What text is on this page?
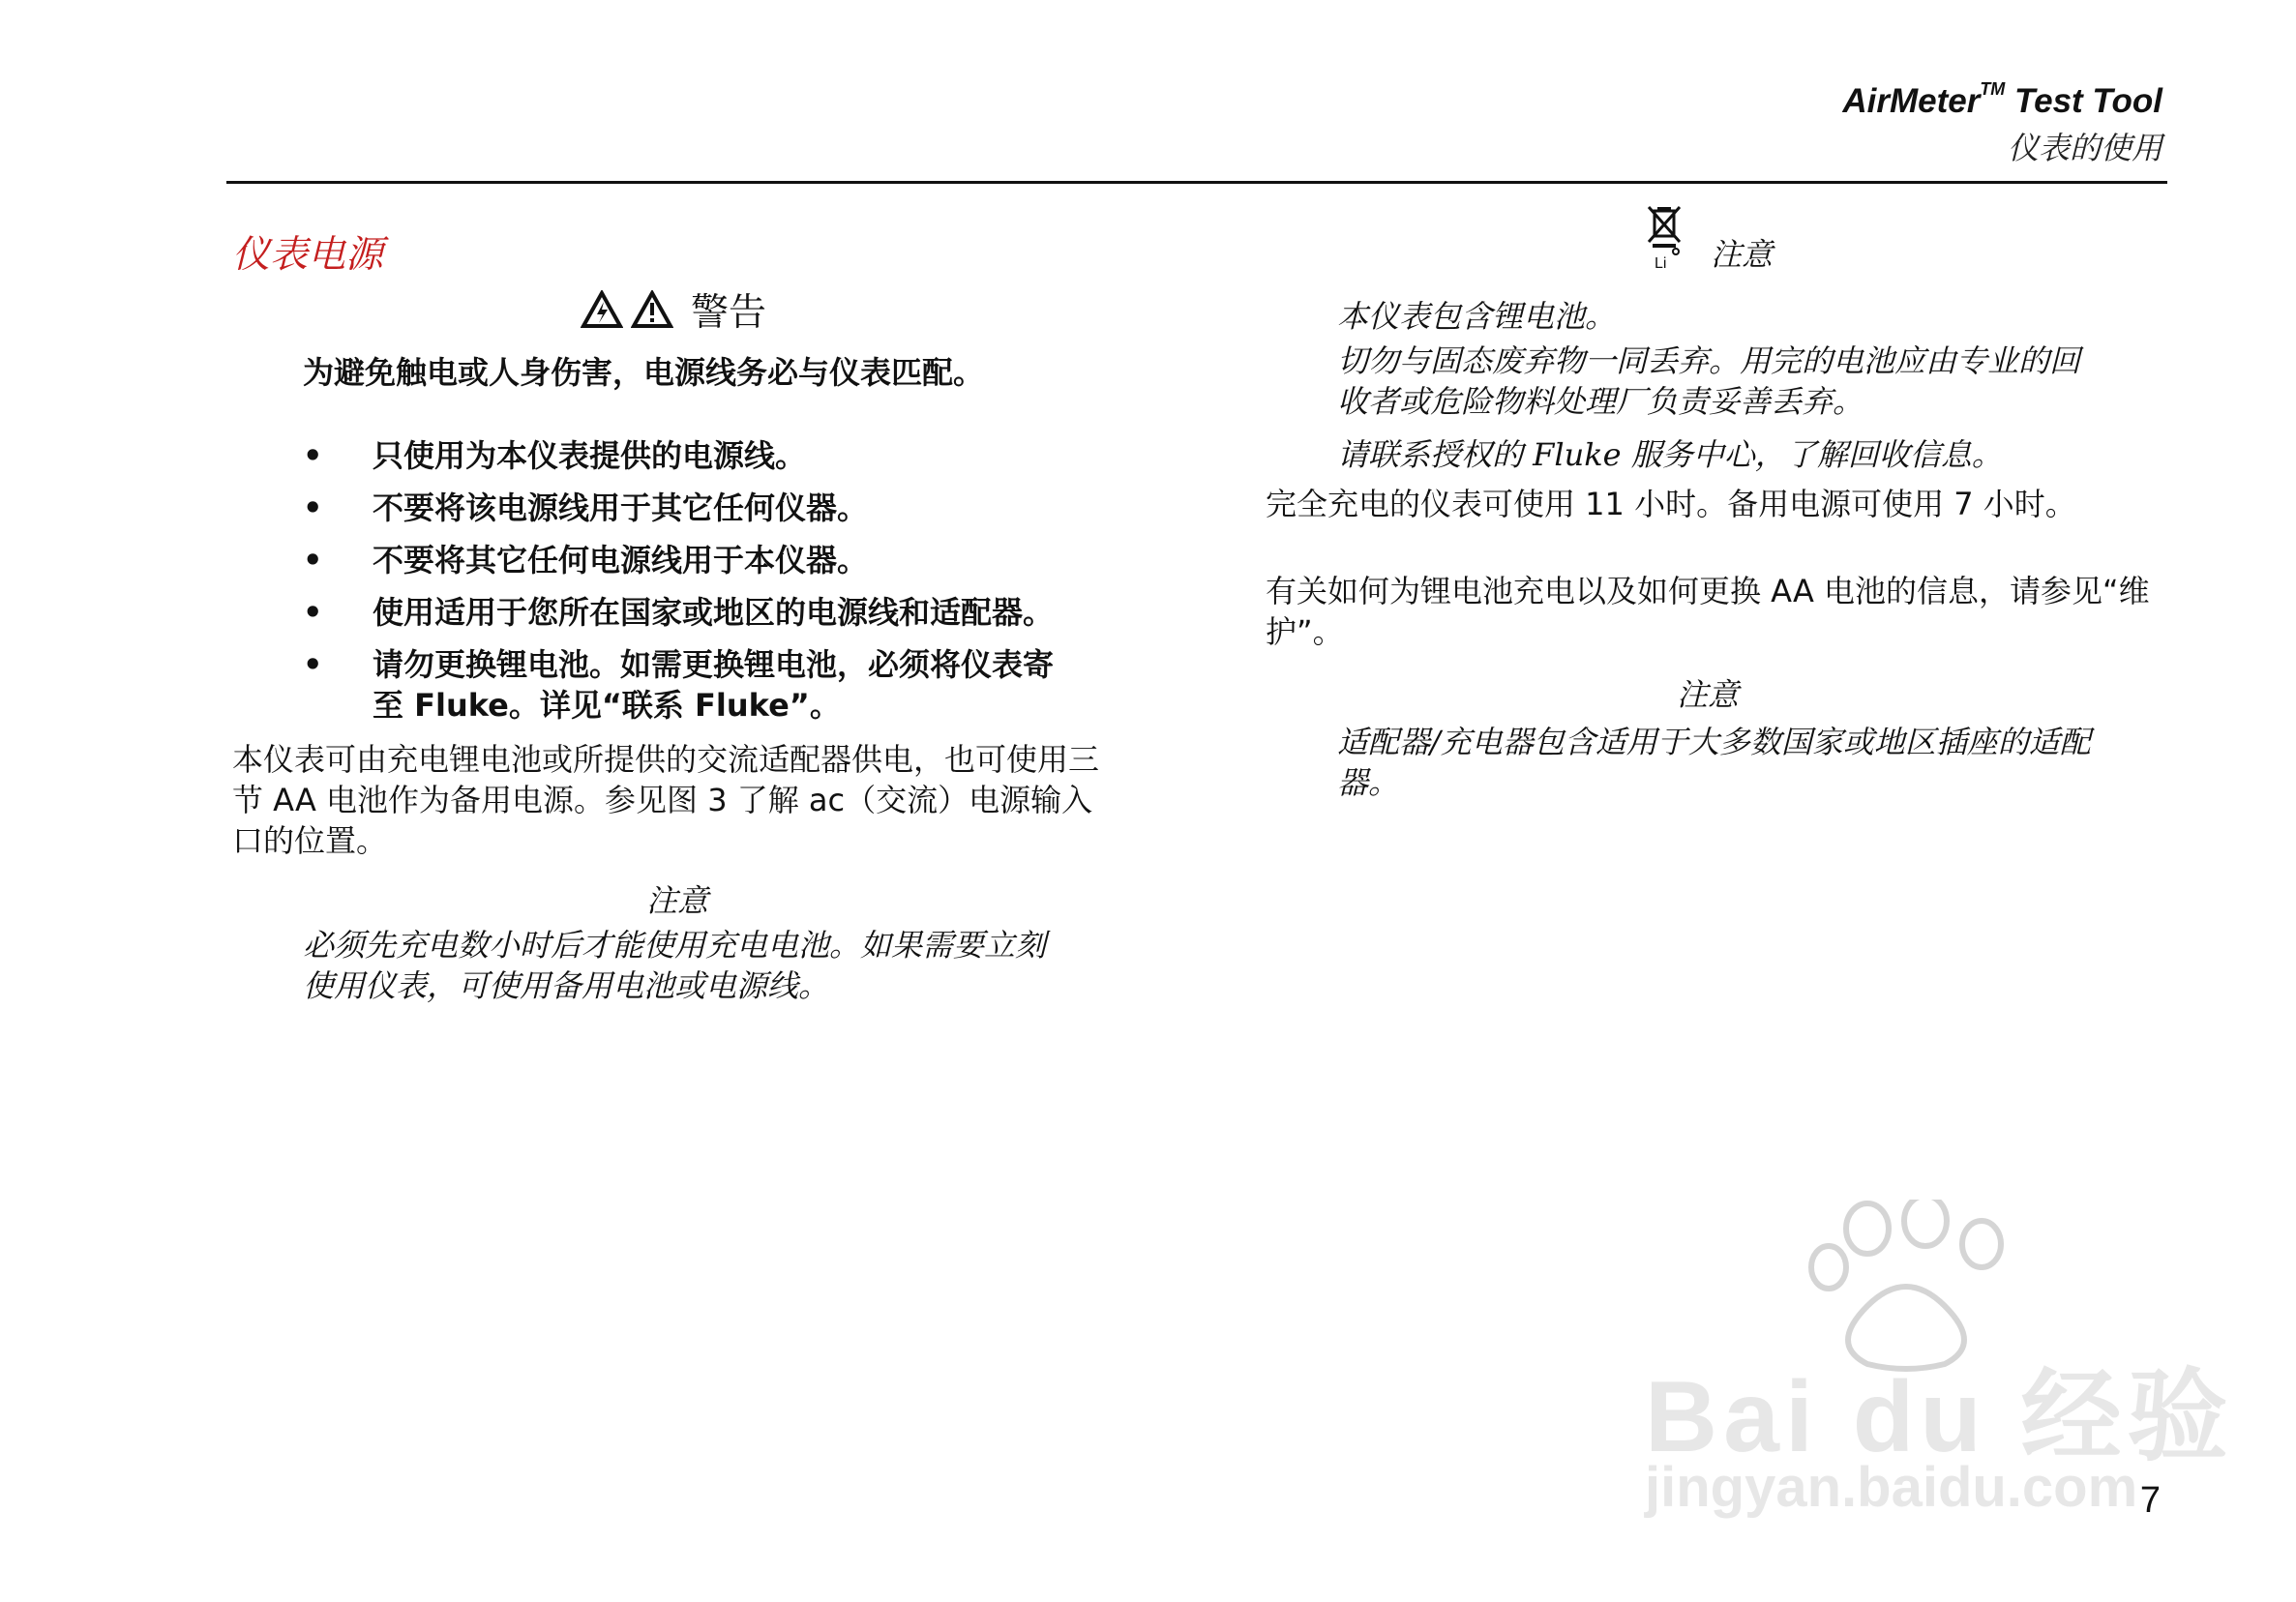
AirMeter™ Test Tool
仪表的使用
仪表电源
警告
为避免触电或人身伤害，电源线务必与仪表匹配。
• 只使用为本仪表提供的电源线。
• 不要将该电源线用于其它任何仪器。
• 不要将其它任何电源线用于本仪器。
• 使用适用于您所在国家或地区的电源线和适配器。
• 请勿更换锂电池。如需更换锂电池，必须将仪表寄至 Fluke。详见“联系 Fluke”。
本仪表可由充电锂电池或所提供的交流适配器供电，也可使用三节 AA 电池作为备用电源。参见图 3 了解 ac（交流）电源输入口的位置。
注意
必须先充电数小时后才能使用充电电池。如果需要立刻使用仪表，可使用备用电池或电源线。
Li 注意
本仪表包含锂电池。
切勿与固态废弃物一同丢弃。用完的电池应由专业的回收者或危险物料处理厂负责妥善丢弃。
请联系授权的 Fluke 服务中心，了解回收信息。
完全充电的仪表可使用 11 小时。备用电源可使用 7 小时。
有关如何为锂电池充电以及如何更换 AA 电池的信息，请参见“维护”。
注意
适配器/充电器包含适用于大多数国家或地区插座的适配器。
Bai du 经验
jingyan.baidu.com 7
